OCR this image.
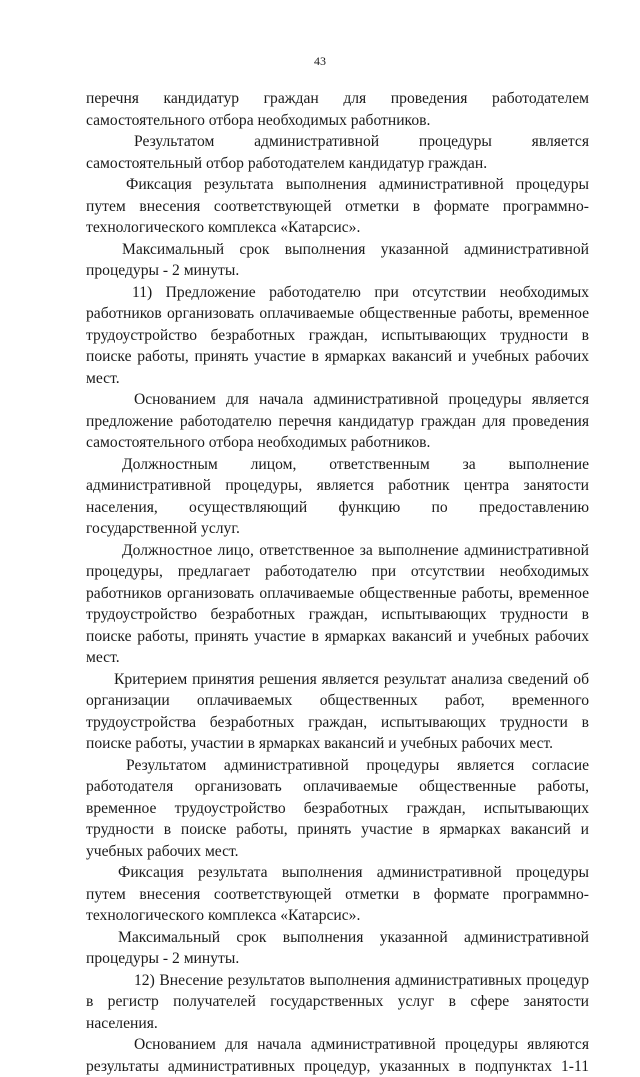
43

перечня кандидатур граждан для проведения работодателем самостоятельного отбора необходимых работников.

Результатом административной процедуры является самостоятельный отбор работодателем кандидатур граждан.

Фиксация результата выполнения административной процедуры путем внесения соответствующей отметки в формате программно-технологического комплекса «Катарсис».

Максимальный срок выполнения указанной административной процедуры - 2 минуты.

11) Предложение работодателю при отсутствии необходимых работников организовать оплачиваемые общественные работы, временное трудоустройство безработных граждан, испытывающих трудности в поиске работы, принять участие в ярмарках вакансий и учебных рабочих мест.

Основанием для начала административной процедуры является предложение работодателю перечня кандидатур граждан для проведения самостоятельного отбора необходимых работников.

Должностным лицом, ответственным за выполнение административной процедуры, является работник центра занятости населения, осуществляющий функцию по предоставлению государственной услуг.

Должностное лицо, ответственное за выполнение административной процедуры, предлагает работодателю при отсутствии необходимых работников организовать оплачиваемые общественные работы, временное трудоустройство безработных граждан, испытывающих трудности в поиске работы, принять участие в ярмарках вакансий и учебных рабочих мест.

Критерием принятия решения является результат анализа сведений об организации оплачиваемых общественных работ, временного трудоустройства безработных граждан, испытывающих трудности в поиске работы, участии в ярмарках вакансий и учебных рабочих мест.

Результатом административной процедуры является согласие работодателя организовать оплачиваемые общественные работы, временное трудоустройство безработных граждан, испытывающих трудности в поиске работы, принять участие в ярмарках вакансий и учебных рабочих мест.

Фиксация результата выполнения административной процедуры путем внесения соответствующей отметки в формате программно-технологического комплекса «Катарсис».

Максимальный срок выполнения указанной административной процедуры - 2 минуты.

12) Внесение результатов выполнения административных процедур в регистр получателей государственных услуг в сфере занятости населения.

Основанием для начала административной процедуры являются результаты административных процедур, указанных в подпунктах 1-11
